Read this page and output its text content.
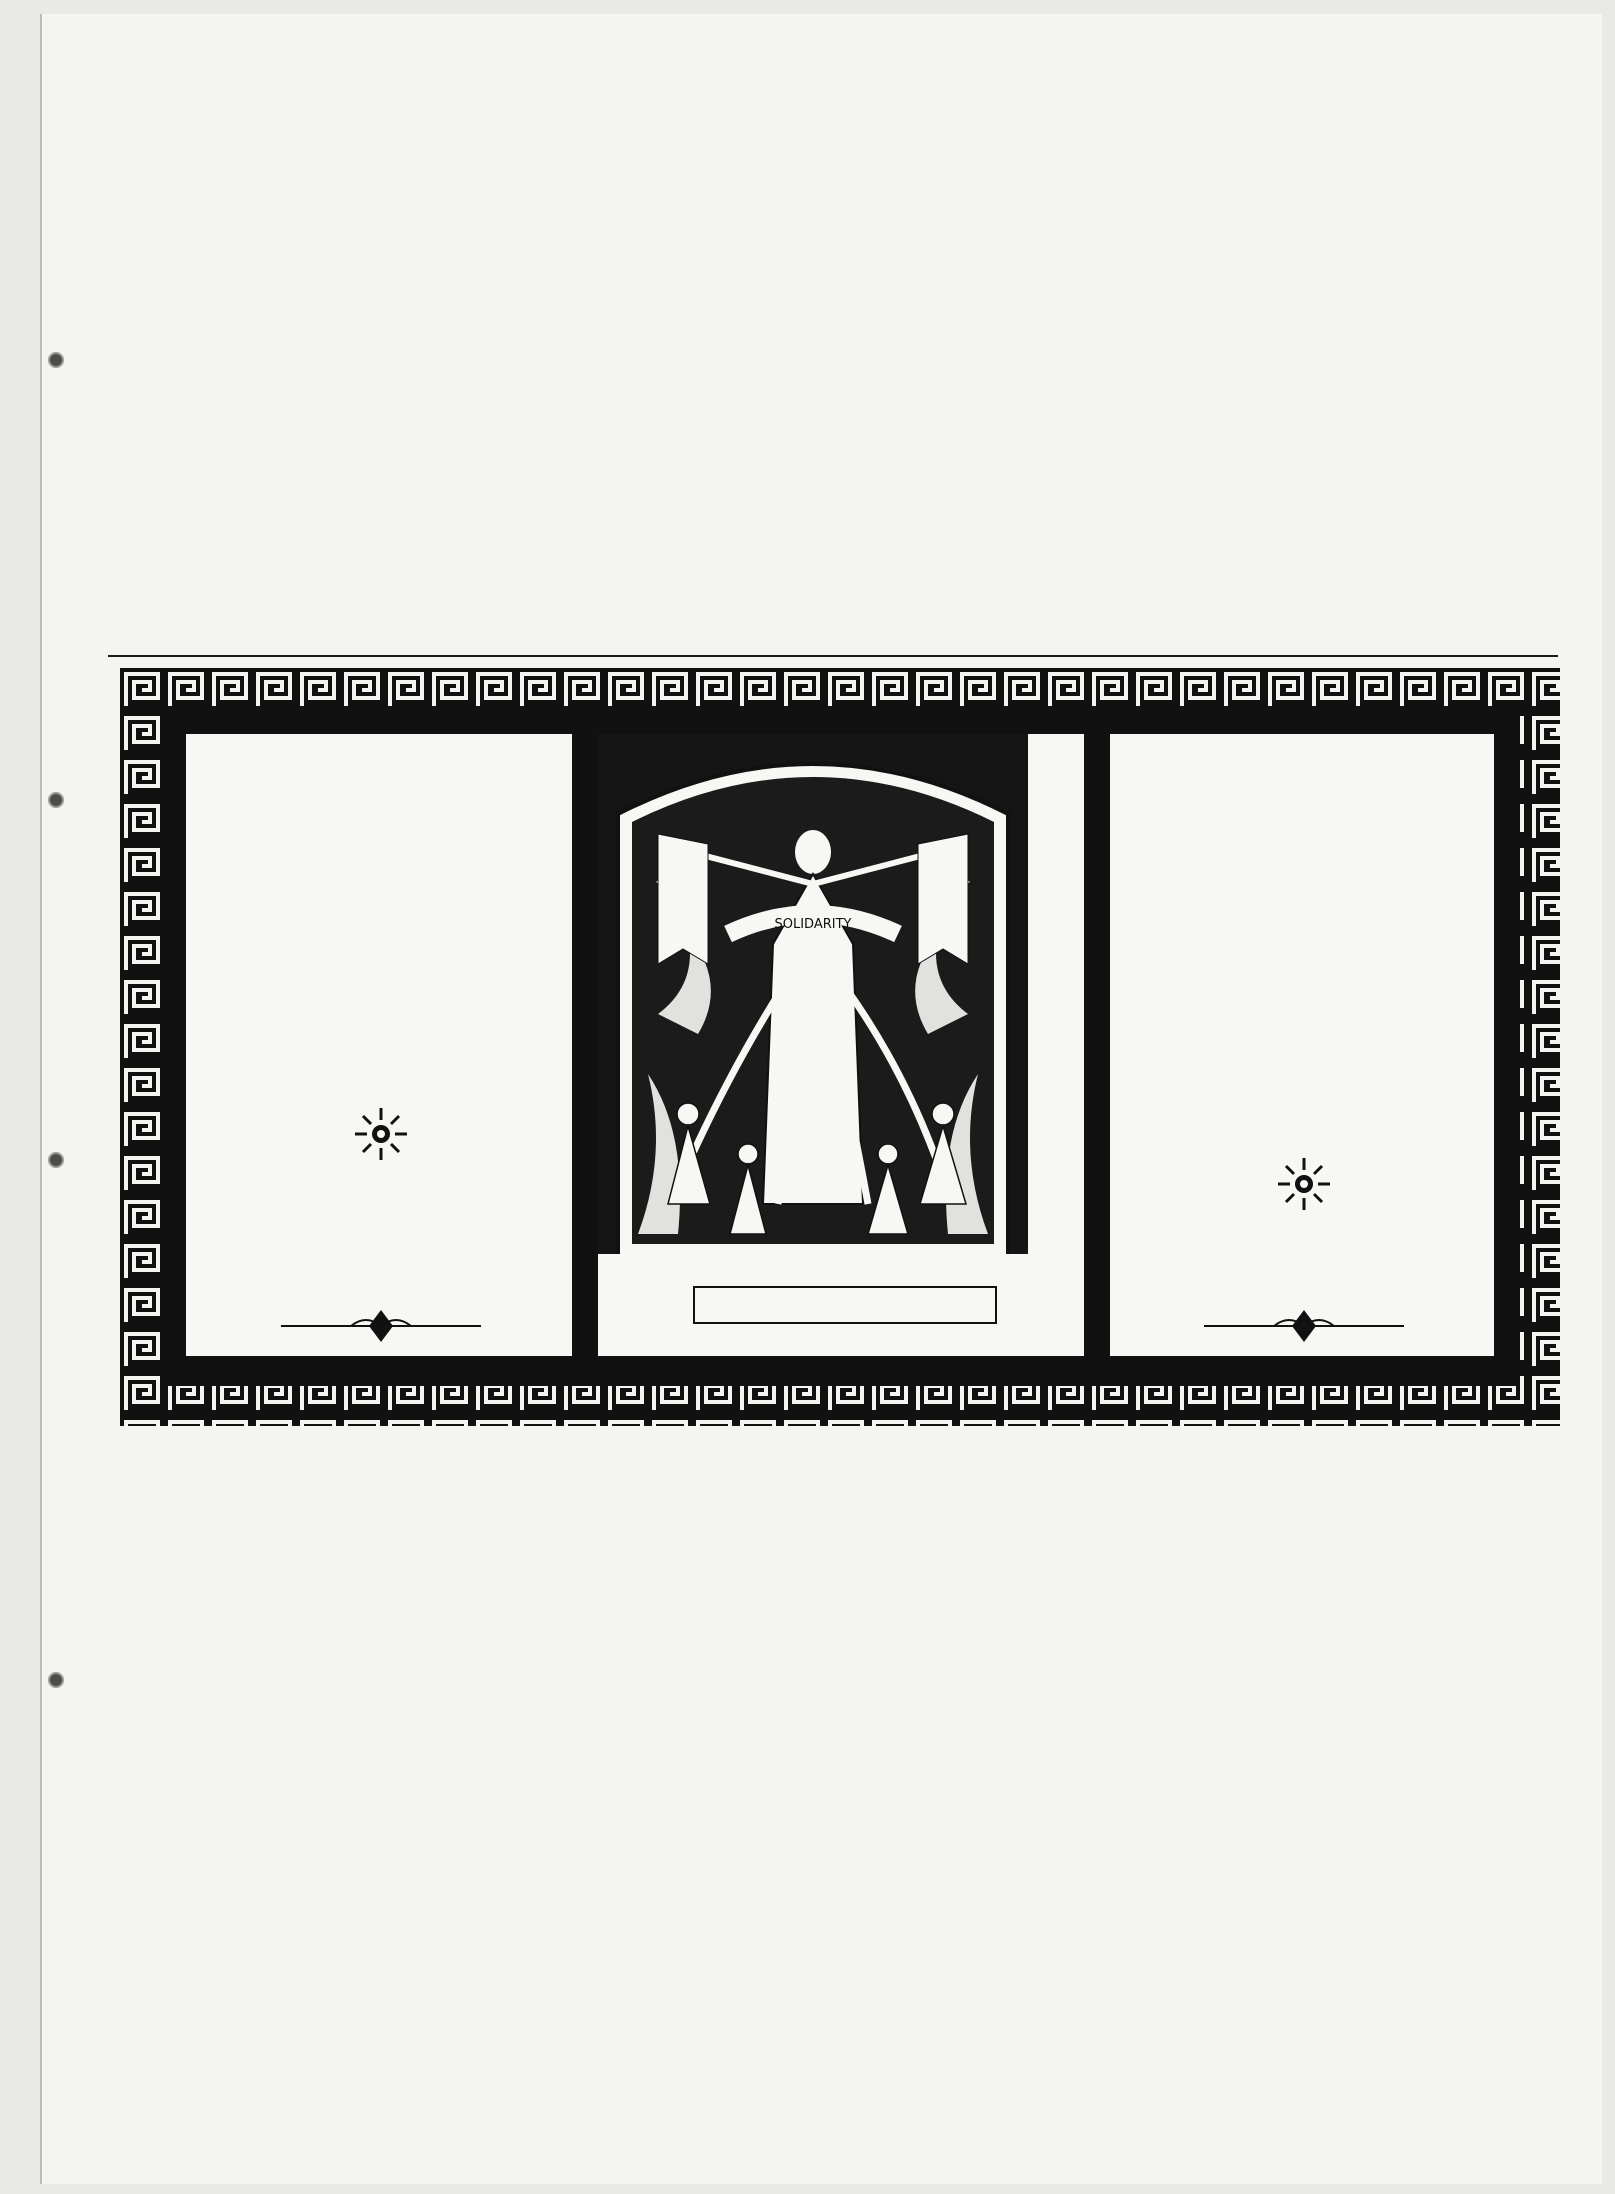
SOLIDARITY
